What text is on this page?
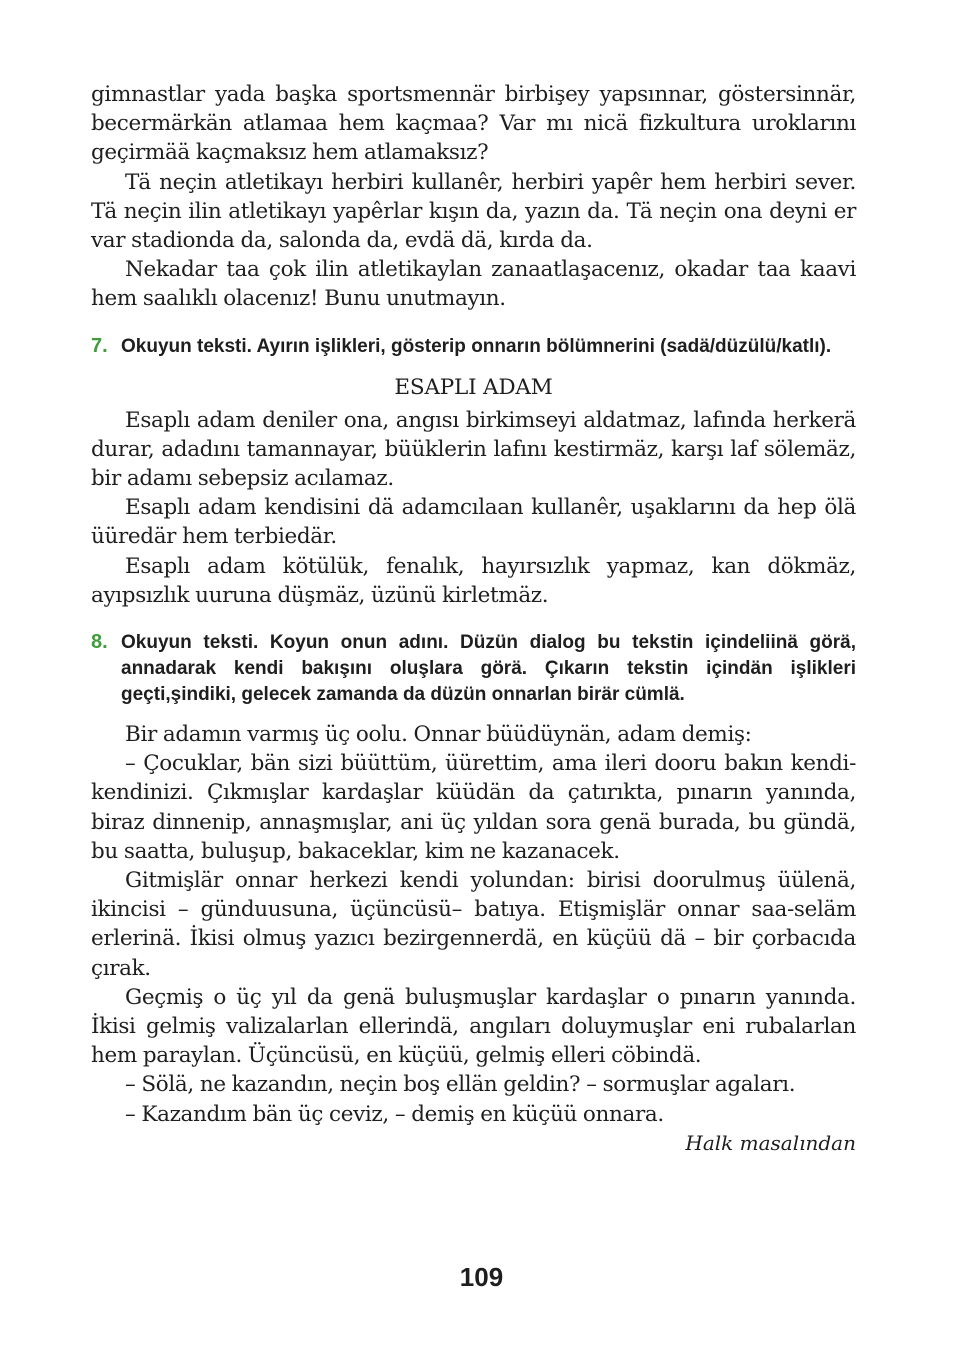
gimnastlar yada başka sportsmennär birbişey yapsınnar, göstersinnär, becermärkän atlamaa hem kaçmaa? Var mı nicä fizkultura uroklarını geçirmää kaçmaksız hem atlamaksız?

Tä neçin atletikayı herbiri kullanêr, herbiri yapêr hem herbiri sever. Tä neçin ilin atletikayı yapêrlar kışın da, yazın da. Tä neçin ona deyni er var stadionda da, salonda da, evdä dä, kırda da.

Nekadar taa çok ilin atletikaylan zanaatlaşacenız, okadar taa kaavi hem saalıklı olacenız! Bunu unutmayın.

7. Okuyun teksti. Ayırın işlikleri, gösterip onnarın bölümnerini (sadä/düzülü/katlı).

ESAPLI ADAM

Esaplı adam deniler ona, angısı birkimseyi aldatmaz, lafında herkerä durar, adadını tamannayar, büüklerin lafını kestirmäz, karşı laf sölemäz, bir adamı sebepsiz acılamaz.

Esaplı adam kendisini dä adamcılaan kullanêr, uşaklarını da hep ölä üüredär hem terbiedär.

Esaplı adam kötülük, fenalık, hayırsızlık yapmaz, kan dökmäz, ayıpsızlık uuruna düşmäz, üzünü kirletmäz.

8. Okuyun teksti. Koyun onun adını. Düzün dialog bu tekstin içindeliinä görä, annadarak kendi bakışını oluşlara görä. Çıkarın tekstin içindän işlikleri geçti,şindiki, gelecek zamanda da düzün onnarlan birär cümlä.

Bir adamın varmış üç oolu. Onnar büüdüynän, adam demiş:

– Çocuklar, bän sizi büüttüm, üürettim, ama ileri dooru bakın kendi-kendinizi. Çıkmışlar kardaşlar küüdän da çatırıkta, pınarın yanında, biraz dinnenip, annaşmışlar, ani üç yıldan sora genä burada, bu gündä, bu saatta, buluşup, bakaceklar, kim ne kazanacek.

Gitmişlär onnar herkezi kendi yolundan: birisi doorulmuş üülenä, ikincisi – günduusuna, üçüncüsü– batıya. Etişmişlär onnar saa-seläm erlerinä. İkisi olmuş yazıcı bezirgennerdä, en küçüü dä – bir çorbacıda çırak.

Geçmiş o üç yıl da genä buluşmuşlar kardaşlar o pınarın yanında. İkisi gelmiş valizalarlan ellerindä, angıları doluymuşlar eni rubalarlan hem paraylan. Üçüncüsü, en küçüü, gelmiş elleri cöbindä.

– Sölä, ne kazandın, neçin boş ellän geldin? – sormuşlar agaları.

– Kazandım bän üç ceviz, – demiş en küçüü onnara.

Halk masalından

109
